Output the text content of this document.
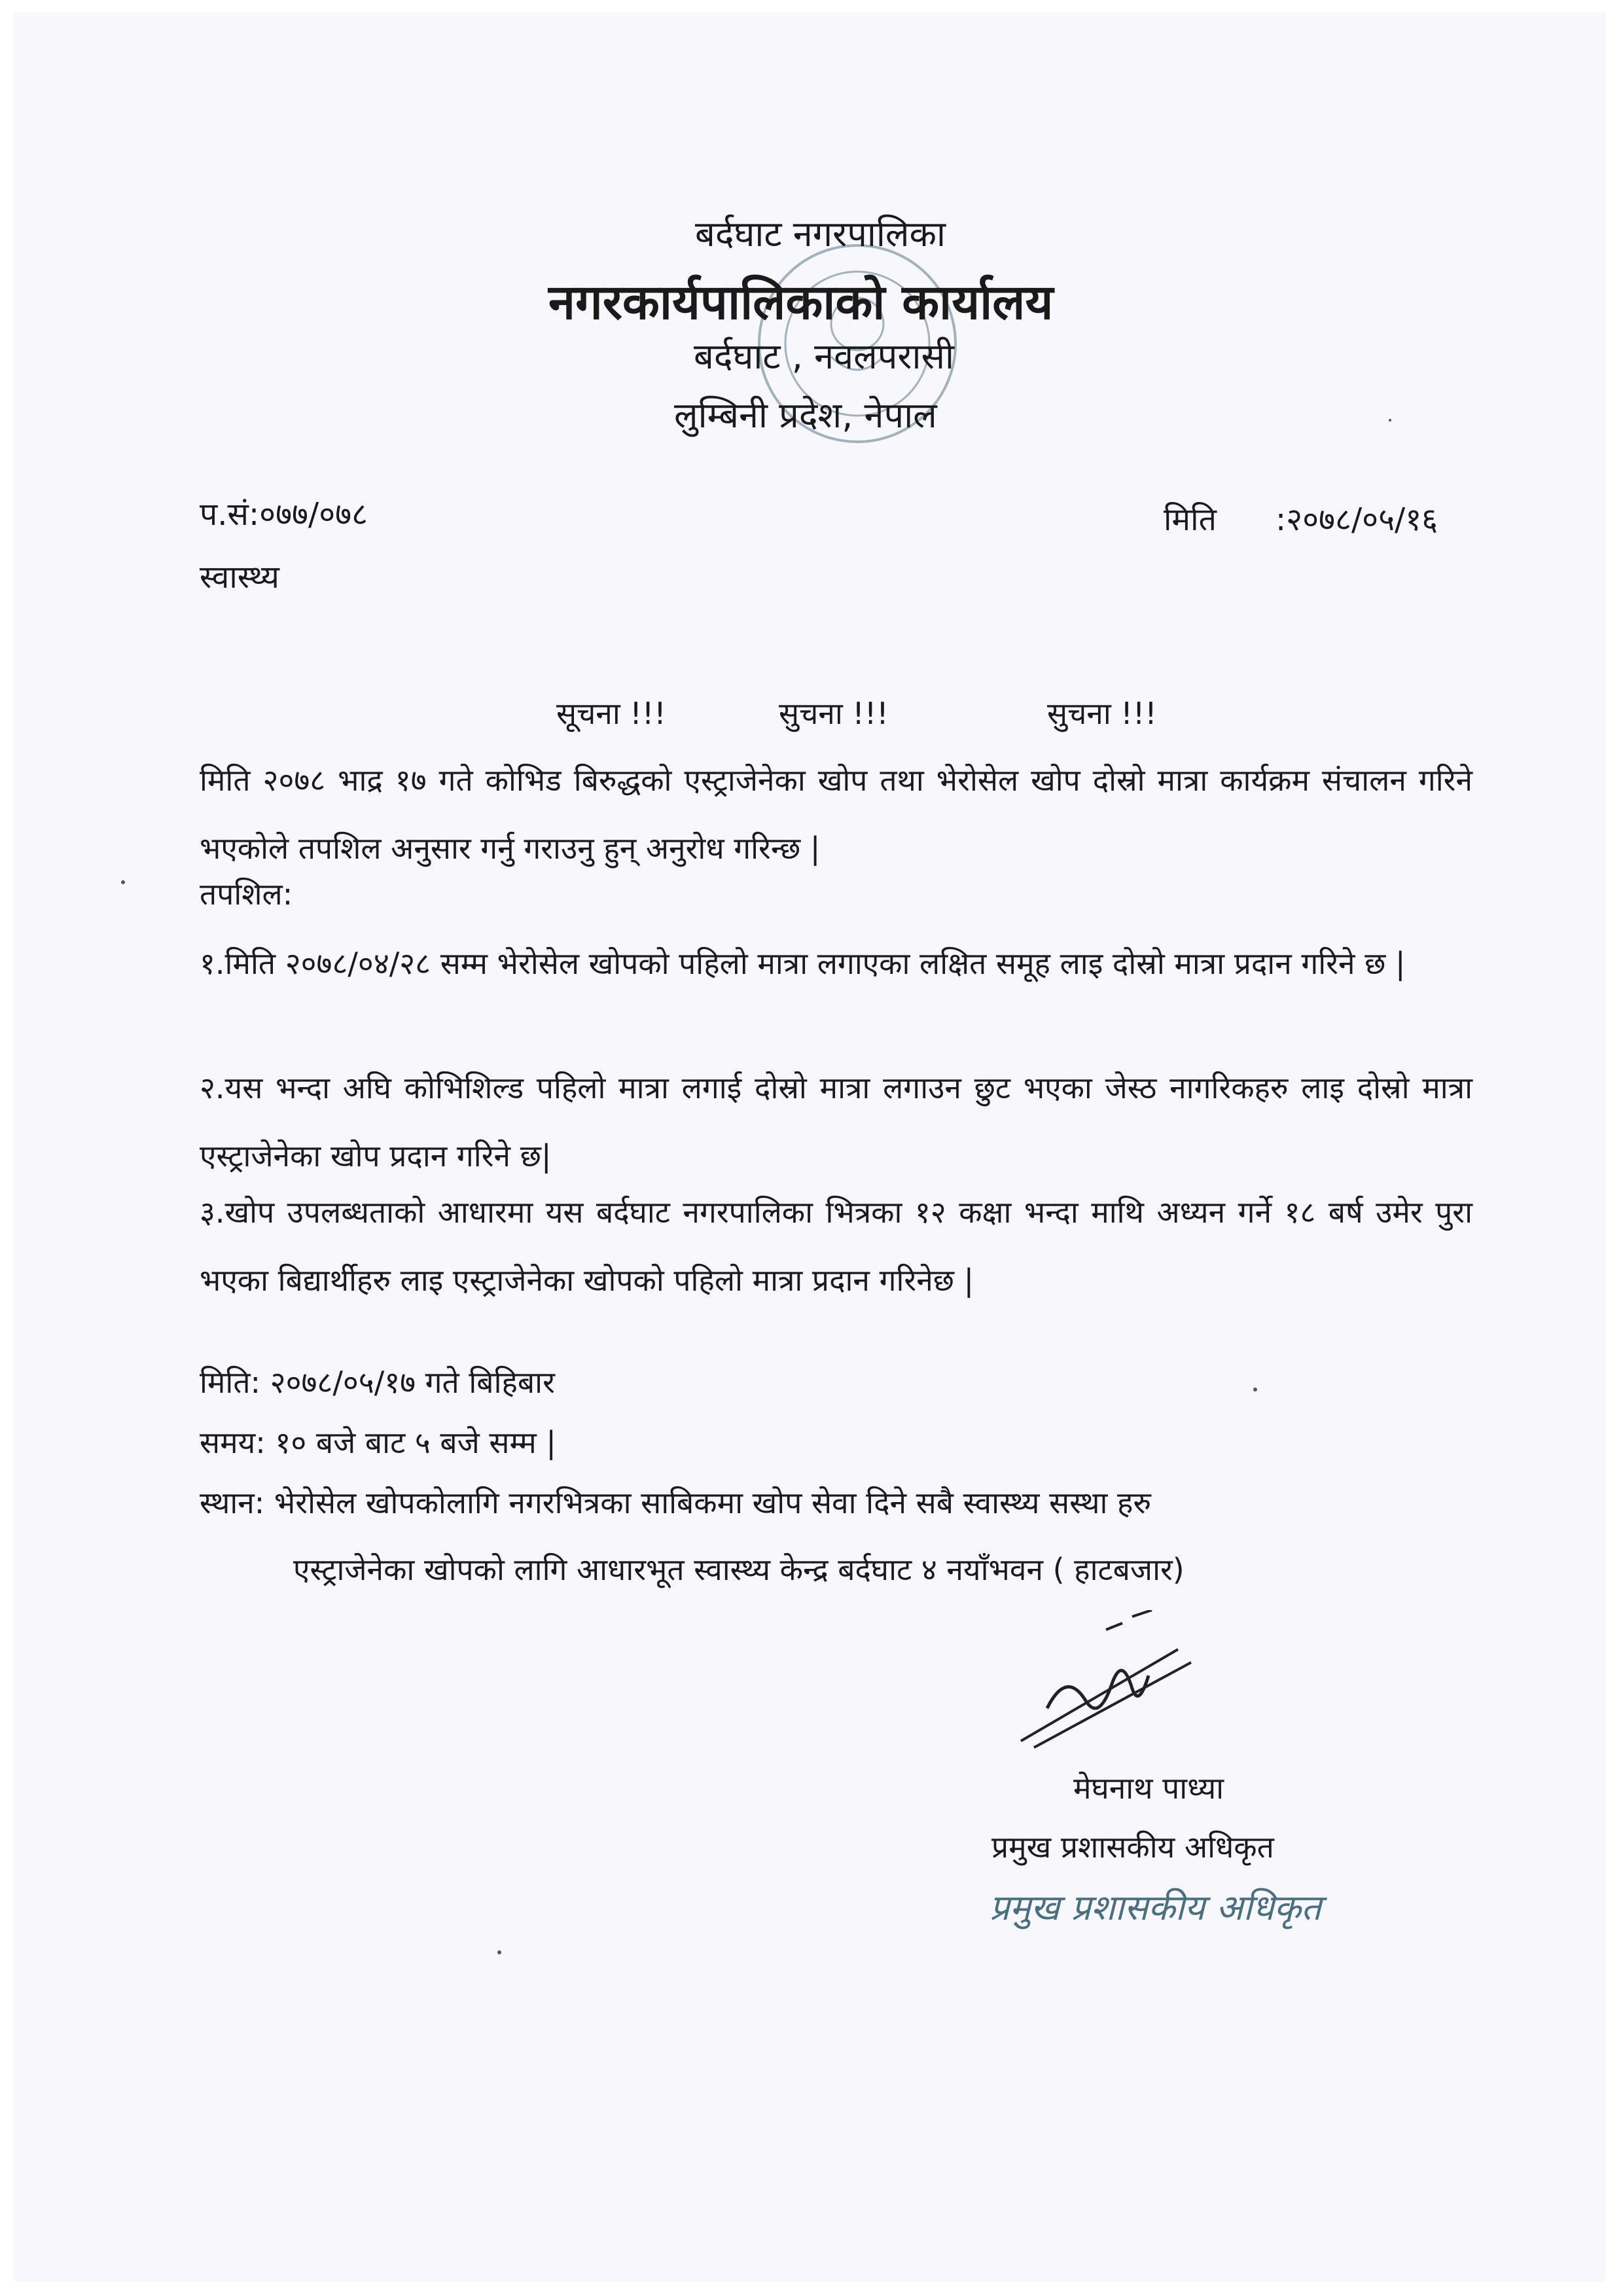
बर्दघाट नगरपालिका
नगरकार्यपालिकाको कार्यालय
बर्दघाट , नवलपरासी
लुम्बिनी प्रदेश, नेपाल
प.सं:०७७/०७८	मिति :२०७८/०५/१६
स्वास्थ्य
सूचना !!!	सुचना !!!	सुचना !!!
मिति २०७८ भाद्र १७ गते कोभिड बिरुद्धको एस्ट्राजेनेका खोप तथा भेरोसेल खोप दोस्रो मात्रा कार्यक्रम संचालन गरिने भएकोले तपशिल अनुसार गर्नु गराउनु हुन् अनुरोध गरिन्छ |
तपशिल:
१.मिति २०७८/०४/२८ सम्म भेरोसेल खोपको पहिलो मात्रा लगाएका लक्षित समूह लाइ दोस्रो मात्रा प्रदान गरिने छ |
२.यस भन्दा अघि कोभिशिल्ड पहिलो मात्रा लगाई दोस्रो मात्रा लगाउन छुट भएका जेस्ठ नागरिकहरु लाइ दोस्रो मात्रा एस्ट्राजेनेका खोप प्रदान गरिने छ|
३.खोप उपलब्धताको आधारमा यस बर्दघाट नगरपालिका भित्रका १२ कक्षा भन्दा माथि अध्यन गर्ने १८ बर्ष उमेर पुरा भएका बिद्यार्थीहरु लाइ एस्ट्राजेनेका खोपको पहिलो मात्रा प्रदान गरिनेछ |
मिति: २०७८/०५/१७ गते बिहिबार
समय: १० बजे बाट ५ बजे सम्म |
स्थान: भेरोसेल खोपकोलागि नगरभित्रका साबिकमा खोप सेवा दिने सबै स्वास्थ्य सस्था हरु
एस्ट्राजेनेका खोपको लागि आधारभूत स्वास्थ्य केन्द्र बर्दघाट ४ नयाँभवन ( हाटबजार)
मेघनाथ पाध्या
प्रमुख प्रशासकीय अधिकृत
प्रमुख प्रशासकीय अधिकृत
